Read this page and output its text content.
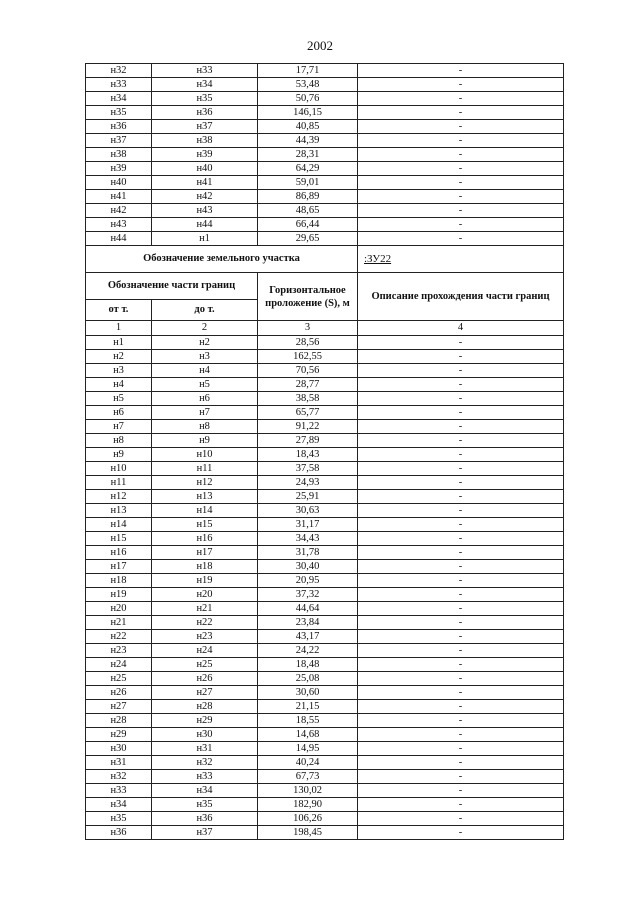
2002
н32	н33	17,71	-
н33	н34	53,48	-
н34	н35	50,76	-
н35	н36	146,15	-
н36	н37	40,85	-
н37	н38	44,39	-
н38	н39	28,31	-
н39	н40	64,29	-
н40	н41	59,01	-
н41	н42	86,89	-
н42	н43	48,65	-
н43	н44	66,44	-
н44	н1	29,65	-
Обозначение земельного участка			:ЗУ22
Обозначение части границ		Горизонтальное проложение (S), м	Описание прохождения части границ
от т.	до т.		
1	2	3	4
н1	н2	28,56	-
н2	н3	162,55	-
н3	н4	70,56	-
н4	н5	28,77	-
н5	н6	38,58	-
н6	н7	65,77	-
н7	н8	91,22	-
н8	н9	27,89	-
н9	н10	18,43	-
н10	н11	37,58	-
н11	н12	24,93	-
н12	н13	25,91	-
н13	н14	30,63	-
н14	н15	31,17	-
н15	н16	34,43	-
н16	н17	31,78	-
н17	н18	30,40	-
н18	н19	20,95	-
н19	н20	37,32	-
н20	н21	44,64	-
н21	н22	23,84	-
н22	н23	43,17	-
н23	н24	24,22	-
н24	н25	18,48	-
н25	н26	25,08	-
н26	н27	30,60	-
н27	н28	21,15	-
н28	н29	18,55	-
н29	н30	14,68	-
н30	н31	14,95	-
н31	н32	40,24	-
н32	н33	67,73	-
н33	н34	130,02	-
н34	н35	182,90	-
н35	н36	106,26	-
н36	н37	198,45	-
